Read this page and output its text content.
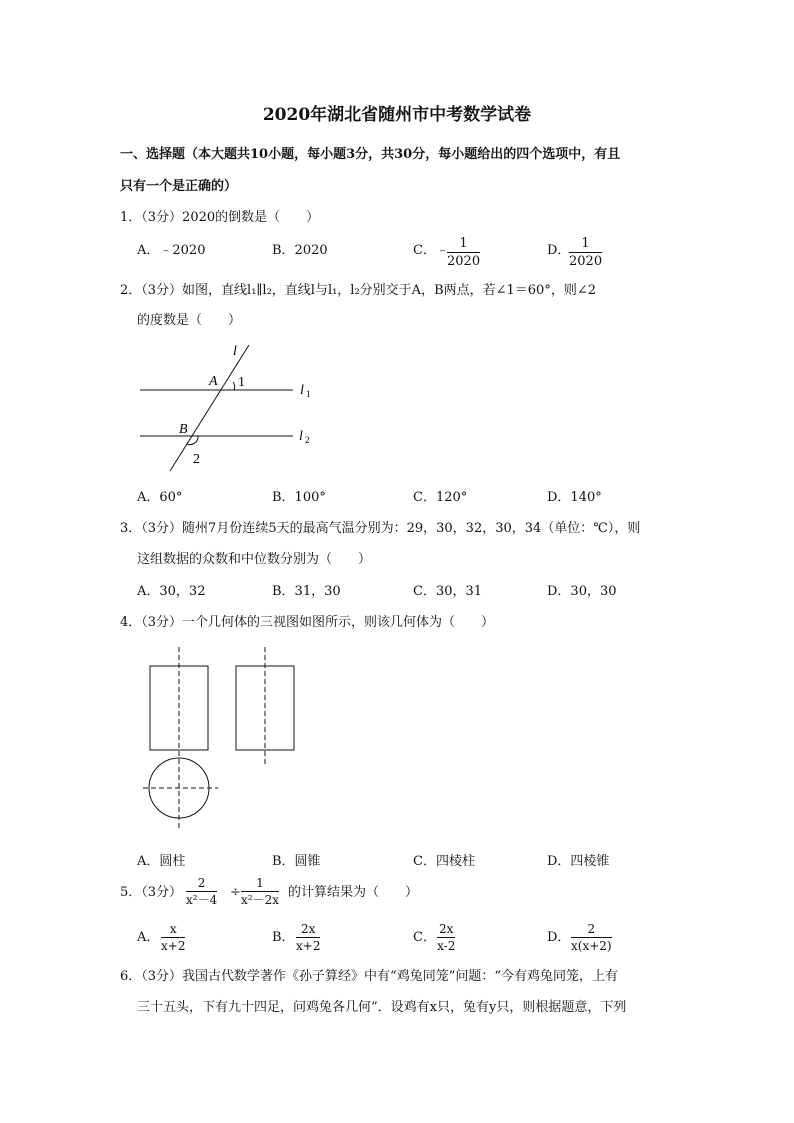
2020年湖北省随州市中考数学试卷
一、选择题（本大题共10小题，每小题3分，共30分，每小题给出的四个选项中，有且
只有一个是正确的）
1．（3分）2020的倒数是（　　）
A．﹣2020	B．2020	C．﹣
$\frac{1}{2020}$	D．
$\frac{1}{2020}$
2．（3分）如图，直线l₁∥l₂，直线l与l₁，l₂分别交于A，B两点，若∠1＝60°，则∠2
的度数是（　　）
l
A 1
l 1
B
2
l 2
A．60°	B．100°	C．120°	D．140°
3．（3分）随州7月份连续5天的最高气温分别为：29，30，32，30，34（单位：℃），则
这组数据的众数和中位数分别为（　　）
A．30，32	B．31，30	C．30，31	D．30，30
4．（3分）一个几何体的三视图如图所示，则该几何体为（　　）
A．圆柱	B．圆锥	C．四棱柱	D．四棱锥
5．（3分） $\frac{2}{\text{x²－4}} \div \frac{1}{\text{x²－2x}}$ 的计算结果为（　　）
A． $\frac{x}{x+2}$	B． $\frac{2x}{x+2}$	C． $\frac{2x}{x-2}$	D． $\frac{2}{x(x+2)}$
6．（3分）我国古代数学著作《孙子算经》中有“鸡兔同笼”问题：“今有鸡兔同笼，上有
三十五头，下有九十四足，问鸡兔各几何”．设鸡有x只，兔有y只，则根据题意，下列
